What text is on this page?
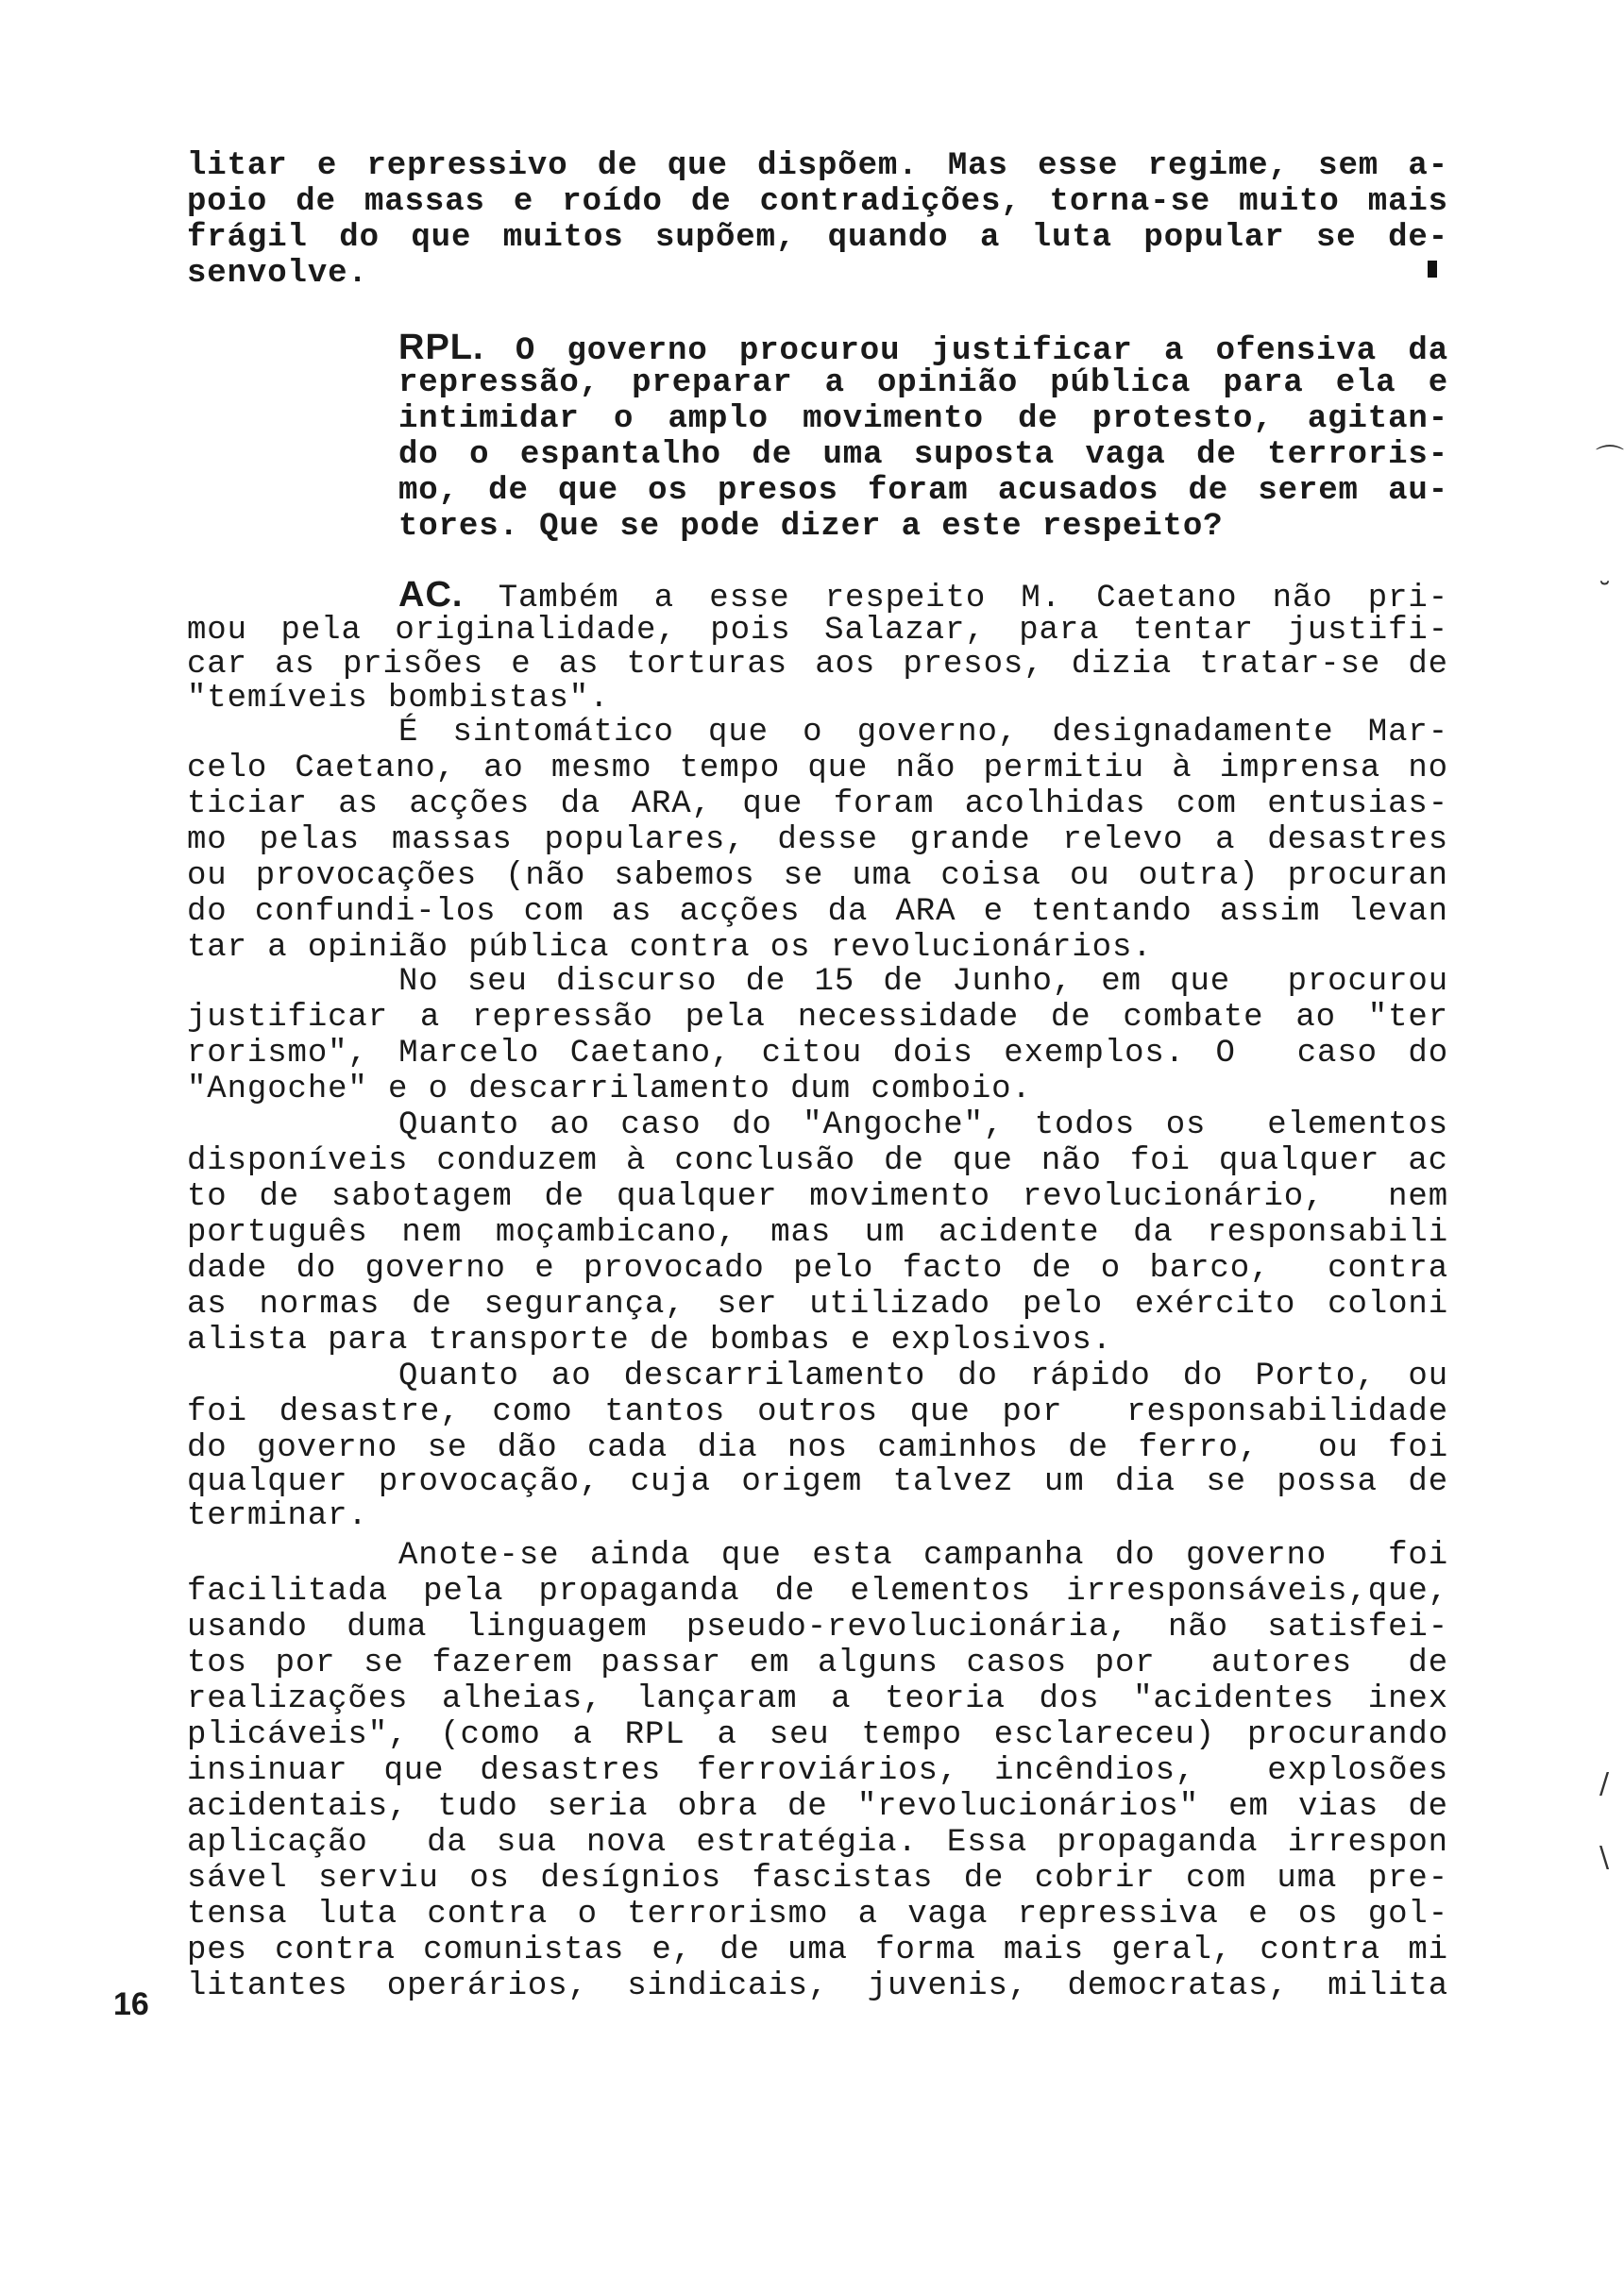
litar e repressivo de que dispõem. Mas esse regime, sem a-
poio de massas e roído de contradições, torna-se muito mais
frágil do que muitos supõem, quando a luta popular se de-
senvolve.
RPL. O governo procurou justificar a ofensiva da
repressão, preparar a opinião pública para ela e
intimidar o amplo movimento de protesto, agitan-
do o espantalho de uma suposta vaga de terroris-
mo, de que os presos foram acusados de serem au-
tores. Que se pode dizer a este respeito?
AC. Também a esse respeito M. Caetano não pri-
mou pela originalidade, pois Salazar, para tentar justifi-
car as prisões e as torturas aos presos, dizia tratar-se de
"temíveis bombistas".
É sintomático que o governo, designadamente Mar-
celo Caetano, ao mesmo tempo que não permitiu à imprensa no
ticiar as acções da ARA, que foram acolhidas com entusias-
mo pelas massas populares, desse grande relevo a desastres
ou provocações (não sabemos se uma coisa ou outra) procuran
do confundi-los com as acções da ARA e tentando assim levan
tar a opinião pública contra os revolucionários.
No seu discurso de 15 de Junho, em que  procurou
justificar a repressão pela necessidade de combate ao "ter
rorismo", Marcelo Caetano, citou dois exemplos. O  caso do
"Angoche" e o descarrilamento dum comboio.
Quanto ao caso do "Angoche", todos os  elementos
disponíveis conduzem à conclusão de que não foi qualquer ac
to de sabotagem de qualquer movimento revolucionário,  nem
português nem moçambicano, mas um acidente da responsabili
dade do governo e provocado pelo facto de o barco,  contra
as normas de segurança, ser utilizado pelo exército coloni
alista para transporte de bombas e explosivos.
Quanto ao descarrilamento do rápido do Porto, ou
foi desastre, como tantos outros que por  responsabilidade
do governo se dão cada dia nos caminhos de ferro,  ou foi
qualquer provocação, cuja origem talvez um dia se possa de
terminar.
Anote-se ainda que esta campanha do governo  foi
facilitada pela propaganda de elementos irresponsáveis,que,
usando duma linguagem pseudo-revolucionária, não satisfei-
tos por se fazerem passar em alguns casos por  autores  de
realizações alheias, lançaram a teoria dos "acidentes inex
plicáveis", (como a RPL a seu tempo esclareceu) procurando
insinuar que desastres ferroviários, incêndios,  explosões
acidentais, tudo seria obra de "revolucionários" em vias de
aplicação  da sua nova estratégia. Essa propaganda irrespon
sável serviu os desígnios fascistas de cobrir com uma pre-
tensa luta contra o terrorismo a vaga repressiva e os gol-
pes contra comunistas e, de uma forma mais geral, contra mi
litantes operários, sindicais, juvenis, democratas, milita
16
⌒
˘
/
\
